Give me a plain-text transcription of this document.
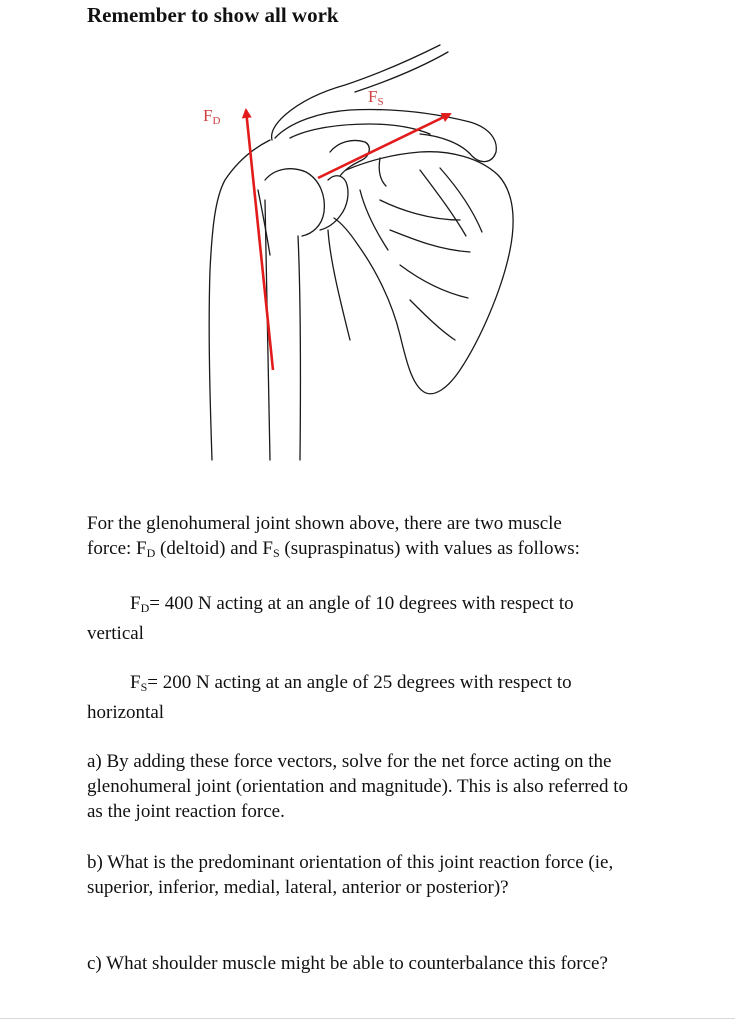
Remember to show all work
$F_D$
$F_S$

For the glenohumeral joint shown above, there are two muscle
force: $F_D$ (deltoid) and $F_S$ (supraspinatus) with values as follows:

$F_D= 400$ N acting at an angle of 10 degrees with respect to
vertical

$F_S= 200$ N acting at an angle of 25 degrees with respect to
horizontal

a) By adding these force vectors, solve for the net force acting on the glenohumeral joint (orientation and magnitude). This is also referred to as the joint reaction force.

b) What is the predominant orientation of this joint reaction force (ie, superior, inferior, medial, lateral, anterior or posterior)?

c) What shoulder muscle might be able to counterbalance this force?
